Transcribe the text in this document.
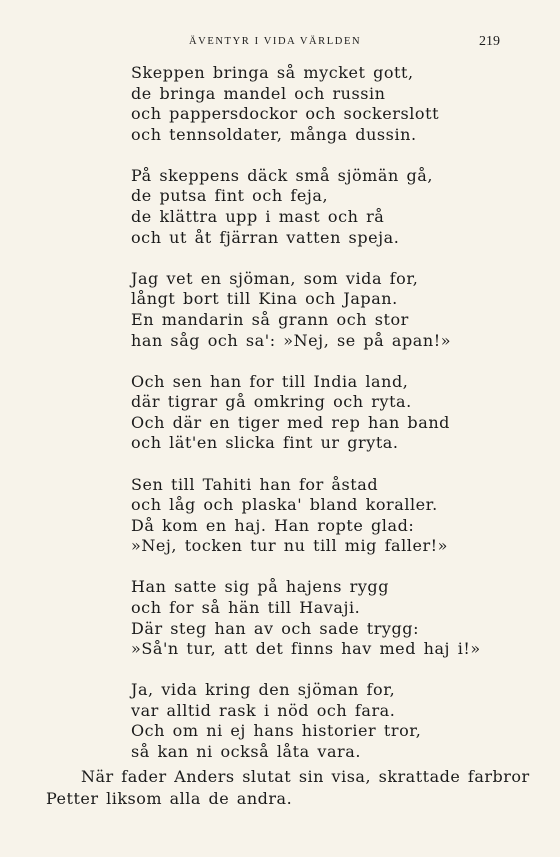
ÄVENTYR I VIDA VÄRLDEN	219
Skeppen bringa så mycket gott,
de bringa mandel och russin
och pappersdockor och sockerslott
och tennsoldater, många dussin.
På skeppens däck små sjömän gå,
de putsa fint och feja,
de klättra upp i mast och rå
och ut åt fjärran vatten speja.
Jag vet en sjöman, som vida for,
långt bort till Kina och Japan.
En mandarin så grann och stor
han såg och sa': »Nej, se på apan!»
Och sen han for till India land,
där tigrar gå omkring och ryta.
Och där en tiger med rep han band
och lät'en slicka fint ur gryta.
Sen till Tahiti han for åstad
och låg och plaska' bland koraller.
Då kom en haj. Han ropte glad:
»Nej, tocken tur nu till mig faller!»
Han satte sig på hajens rygg
och for så hän till Havaji.
Där steg han av och sade trygg:
»Så'n tur, att det finns hav med haj i!»
Ja, vida kring den sjöman for,
var alltid rask i nöd och fara.
Och om ni ej hans historier tror,
så kan ni också låta vara.
När fader Anders slutat sin visa, skrattade farbror
Petter liksom alla de andra.
